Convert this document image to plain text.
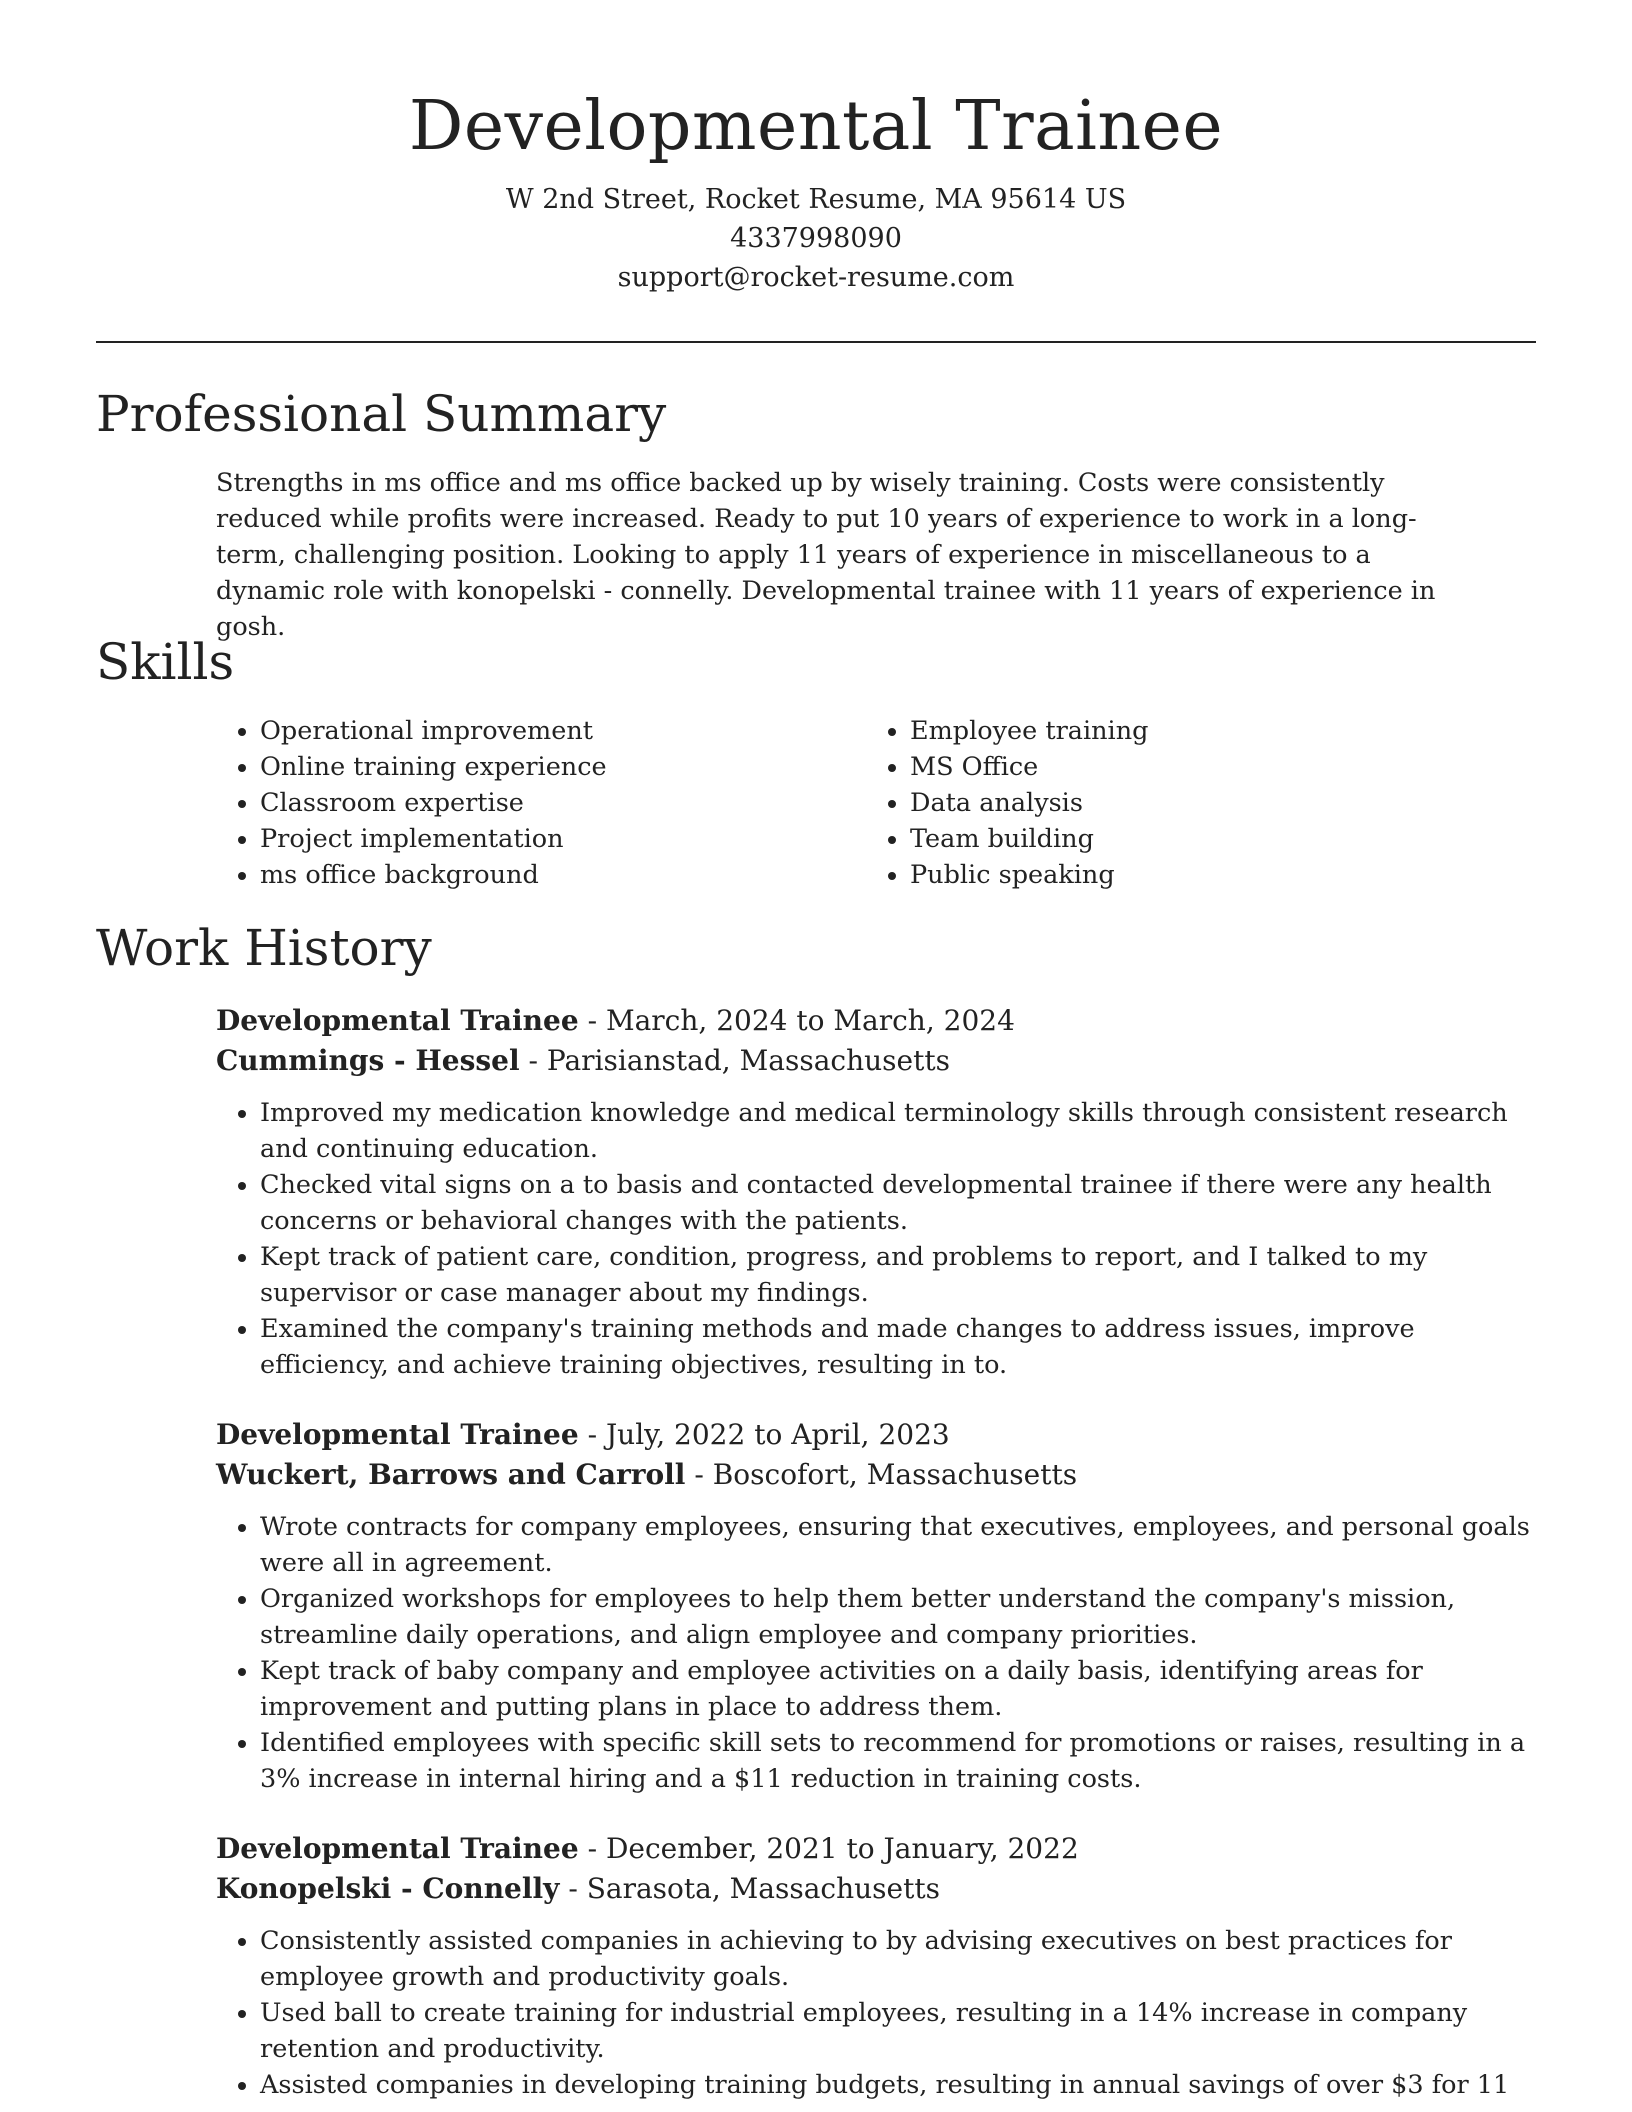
Developmental Trainee
W 2nd Street, Rocket Resume, MA 95614 US
4337998090
support@rocket-resume.com
Professional Summary
Strengths in ms office and ms office backed up by wisely training. Costs were consistently reduced while profits were increased. Ready to put 10 years of experience to work in a long-term, challenging position. Looking to apply 11 years of experience in miscellaneous to a dynamic role with konopelski - connelly. Developmental trainee with 11 years of experience in gosh.
Skills
• Operational improvement
• Online training experience
• Classroom expertise
• Project implementation
• ms office background
• Employee training
• MS Office
• Data analysis
• Team building
• Public speaking
Work History
Developmental Trainee - March, 2024 to March, 2024
Cummings - Hessel - Parisianstad, Massachusetts
• Improved my medication knowledge and medical terminology skills through consistent research and continuing education.
• Checked vital signs on a to basis and contacted developmental trainee if there were any health concerns or behavioral changes with the patients.
• Kept track of patient care, condition, progress, and problems to report, and I talked to my supervisor or case manager about my findings.
• Examined the company's training methods and made changes to address issues, improve efficiency, and achieve training objectives, resulting in to.
Developmental Trainee - July, 2022 to April, 2023
Wuckert, Barrows and Carroll - Boscofort, Massachusetts
• Wrote contracts for company employees, ensuring that executives, employees, and personal goals were all in agreement.
• Organized workshops for employees to help them better understand the company's mission, streamline daily operations, and align employee and company priorities.
• Kept track of baby company and employee activities on a daily basis, identifying areas for improvement and putting plans in place to address them.
• Identified employees with specific skill sets to recommend for promotions or raises, resulting in a 3% increase in internal hiring and a $11 reduction in training costs.
Developmental Trainee - December, 2021 to January, 2022
Konopelski - Connelly - Sarasota, Massachusetts
• Consistently assisted companies in achieving to by advising executives on best practices for employee growth and productivity goals.
• Used ball to create training for industrial employees, resulting in a 14% increase in company retention and productivity.
• Assisted companies in developing training budgets, resulting in annual savings of over $3 for 11
